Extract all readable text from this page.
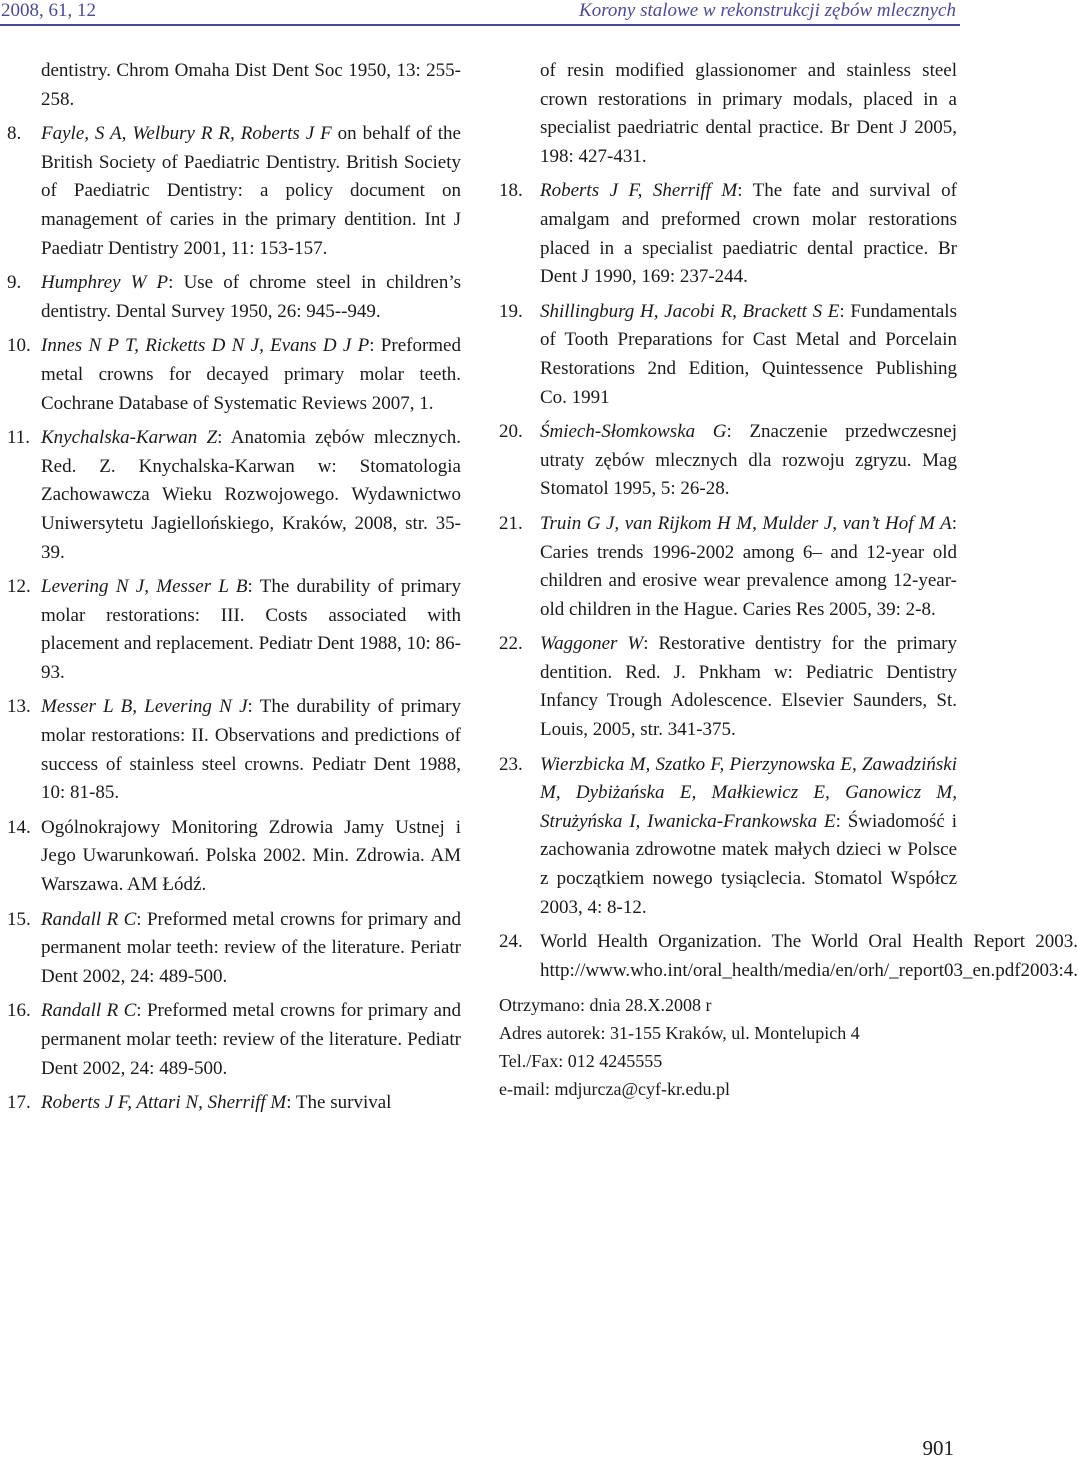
2008, 61, 12	Korony stalowe w rekonstrukcji zębów mlecznych
dentistry. Chrom Omaha Dist Dent Soc 1950, 13: 255-258.
8.	Fayle, S A, Welbury R R, Roberts J F on behalf of the British Society of Paediatric Dentistry. British Society of Paediatric Dentistry: a policy document on management of caries in the primary dentition. Int J Paediatr Dentistry 2001, 11: 153-157.
9.	Humphrey W P: Use of chrome steel in children’s dentistry. Dental Survey 1950, 26: 945--949.
10. Innes N P T, Ricketts D N J, Evans D J P: Preformed metal crowns for decayed primary molar teeth. Cochrane Database of Systematic Reviews 2007, 1.
11. Knychalska-Karwan Z: Anatomia zębów mlecznych. Red. Z. Knychalska-Karwan w: Stomatologia Zachowawcza Wieku Rozwojowego. Wydawnictwo Uniwersytetu Jagiellońskiego, Kraków, 2008, str. 35-39.
12. Levering N J, Messer L B: The durability of primary molar restorations: III. Costs associated with placement and replacement. Pediatr Dent 1988, 10: 86-93.
13. Messer L B, Levering N J: The durability of primary molar restorations: II. Observations and predictions of success of stainless steel crowns. Pediatr Dent 1988, 10: 81-85.
14. Ogólnokrajowy Monitoring Zdrowia Jamy Ustnej i Jego Uwarunkowań. Polska 2002. Min. Zdrowia. AM Warszawa. AM Łódź.
15. Randall R C: Preformed metal crowns for primary and permanent molar teeth: review of the literature. Periatr Dent 2002, 24: 489-500.
16. Randall R C: Preformed metal crowns for primary and permanent molar teeth: review of the literature. Pediatr Dent 2002, 24: 489-500.
17. Roberts J F, Attari N, Sherriff M: The survival
of resin modified glassionomer and stainless steel crown restorations in primary modals, placed in a specialist paedriatric dental practice. Br Dent J 2005, 198: 427-431.
18. Roberts J F, Sherriff M: The fate and survival of amalgam and preformed crown molar restorations placed in a specialist paediatric dental practice. Br Dent J 1990, 169: 237-244.
19. Shillingburg H, Jacobi R, Brackett S E: Fundamentals of Tooth Preparations for Cast Metal and Porcelain Restorations 2nd Edition, Quintessence Publishing Co. 1991
20. Śmiech-Słomkowska G: Znaczenie przedwczesnej utraty zębów mlecznych dla rozwoju zgryzu. Mag Stomatol 1995, 5: 26-28.
21. Truin G J, van Rijkom H M, Mulder J, van’t Hof M A: Caries trends 1996-2002 among 6– and 12-year old children and erosive wear prevalence among 12-year-old children in the Hague. Caries Res 2005, 39: 2-8.
22. Waggoner W: Restorative dentistry for the primary dentition. Red. J. Pnkham w: Pediatric Dentistry Infancy Trough Adolescence. Elsevier Saunders, St. Louis, 2005, str. 341-375.
23. Wierzbicka M, Szatko F, Pierzynowska E, Zawadziński M, Dybiżańska E, Małkiewicz E, Ganowicz M, Strużyńska I, Iwanicka-Frankowska E: Świadomość i zachowania zdrowotne matek małych dzieci w Polsce z początkiem nowego tysiąclecia. Stomatol Współcz 2003, 4: 8-12.
24. World Health Organization. The World Oral Health Report 2003. http://www.who.int/oral_health/media/en/orh/_report03_en.pdf2003:4.
Otrzymano: dnia 28.X.2008 r
Adres autorek: 31-155 Kraków, ul. Montelupich 4
Tel./Fax: 012 4245555
e-mail: mdjurcza@cyf-kr.edu.pl
901
